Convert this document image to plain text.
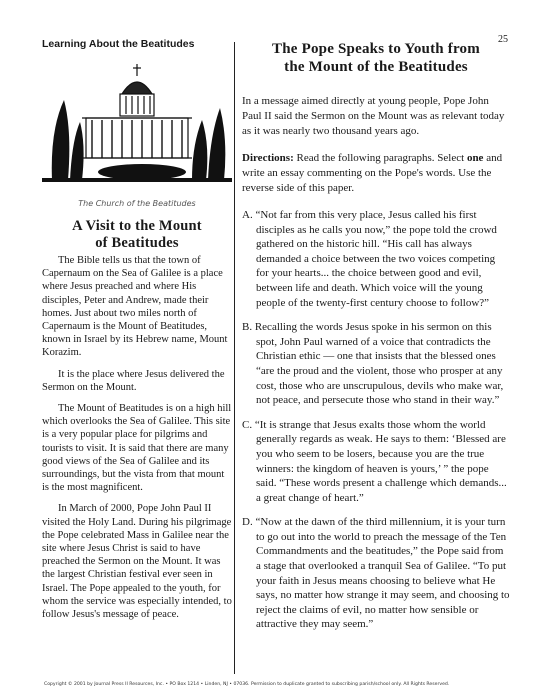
25
Learning About the Beatitudes
The Church of the Beatitudes
A Visit to the Mount
of Beatitudes

The Bible tells us that the town of Capernaum on the Sea of Galilee is a place where Jesus preached and where His disciples, Peter and Andrew, made their homes. Just about two miles north of Capernaum is the Mount of Beatitudes, known in Israel by its Hebrew name, Mount Korazim.

It is the place where Jesus delivered the Sermon on the Mount.

The Mount of Beatitudes is on a high hill which overlooks the Sea of Galilee. This site is a very popular place for pilgrims and tourists to visit. It is said that there are many good views of the Sea of Galilee and its surroundings, but the vista from that mount is the most magnificent.

In March of 2000, Pope John Paul II visited the Holy Land. During his pilgrimage the Pope celebrated Mass in Galilee near the site where Jesus Christ is said to have preached the Sermon on the Mount. It was the largest Christian festival ever seen in Israel. The Pope appealed to the youth, for whom the service was especially intended, to follow Jesus's message of peace.

The Pope Speaks to Youth from
the Mount of the Beatitudes

In a message aimed directly at young people, Pope John Paul II said the Sermon on the Mount was as relevant today as it was nearly two thousand years ago.

Directions: Read the following paragraphs. Select one and write an essay commenting on the Pope's words. Use the reverse side of this paper.

A. “Not far from this very place, Jesus called his first disciples as he calls you now,” the pope told the crowd gathered on the historic hill. “His call has always demanded a choice between the two voices competing for your hearts... the choice between good and evil, between life and death. Which voice will the young people of the twenty-first century choose to follow?”

B. Recalling the words Jesus spoke in his sermon on this spot, John Paul warned of a voice that contradicts the Christian ethic — one that insists that the blessed ones “are the proud and the violent, those who prosper at any cost, those who are unscrupulous, devils who make war, not peace, and persecute those who stand in their way.”

C. “It is strange that Jesus exalts those whom the world generally regards as weak. He says to them: ‘Blessed are you who seem to be losers, because you are the true winners: the kingdom of heaven is yours,’ ” the pope said. “These words present a challenge which demands... a great change of heart.”

D. “Now at the dawn of the third millennium, it is your turn to go out into the world to preach the message of the Ten Commandments and the beatitudes,” the Pope said from a stage that overlooked a tranquil Sea of Galilee. “To put your faith in Jesus means choosing to believe what He says, no matter how strange it may seem, and choosing to reject the claims of evil, no matter how sensible or attractive they may seem.”

Copyright © 2001 by Journal Press II Resources, Inc. • PO Box 1214 • Linden, NJ • 07036. Permission to duplicate granted to subscribing parish/school only. All Rights Reserved.
